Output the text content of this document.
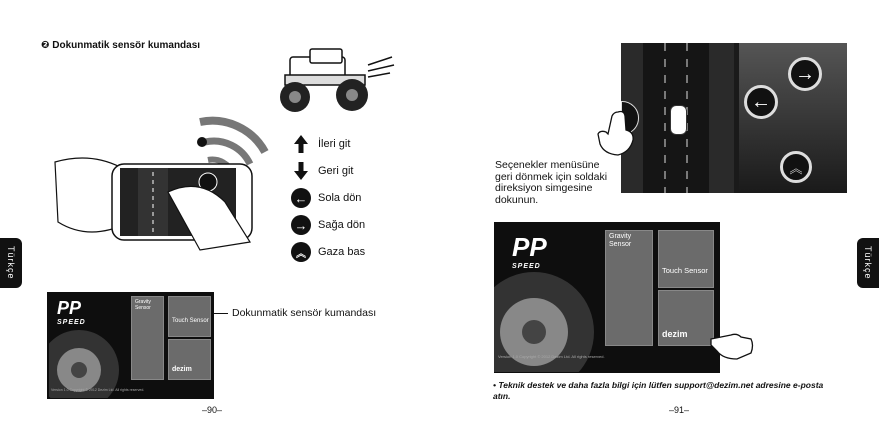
❷ Dokunmatik sensör kumandası
Türkçe
İleri git
Geri git
← Sola dön
→ Sağa dön
︽	Gaza bas
PP
SPEED
Gravity Sensor
Touch Sensor
dezim
Version 1.0 Copyright © 2012 Dezim Ltd. All rights reserved.
Dokunmatik sensör kumandası
–90–
→
←
︽
Seçenekler menüsüne geri dönmek için soldaki direksiyon simgesine dokunun.
PP
SPEED
Gravity Sensor
Touch Sensor
dezim
Version 1.0 Copyright © 2012 Dezim Ltd. All rights reserved.
Türkçe
• Teknik destek ve daha fazla bilgi için lütfen support@dezim.net adresine e-posta atın.
–91–
